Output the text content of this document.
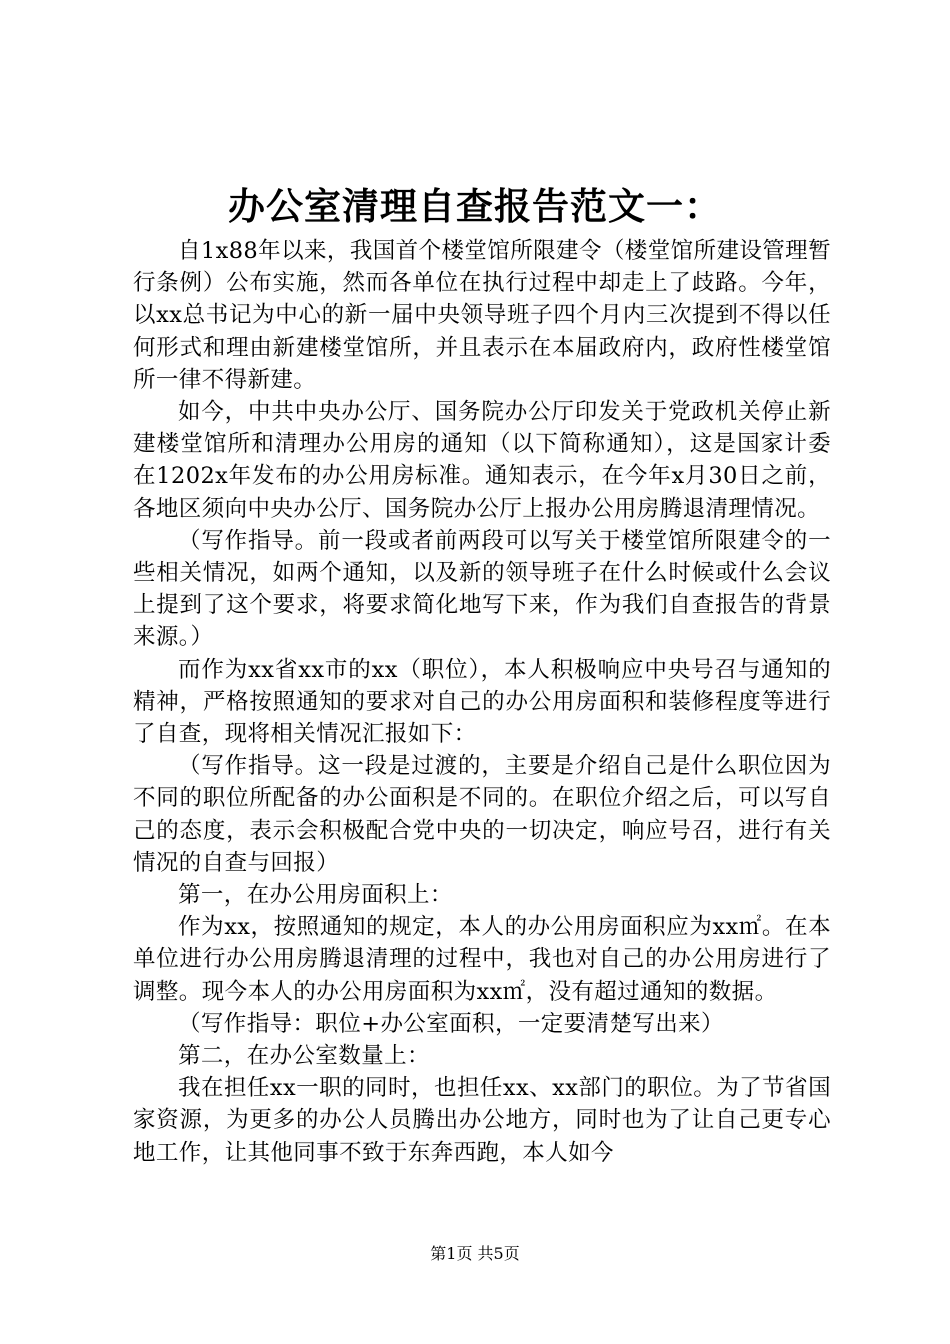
办公室清理自查报告范文一：

自1x88年以来，我国首个楼堂馆所限建令（楼堂馆所建设管理暂行条例）公布实施，然而各单位在执行过程中却走上了歧路。今年，以xx总书记为中心的新一届中央领导班子四个月内三次提到不得以任何形式和理由新建楼堂馆所，并且表示在本届政府内，政府性楼堂馆所一律不得新建。

如今，中共中央办公厅、国务院办公厅印发关于党政机关停止新建楼堂馆所和清理办公用房的通知（以下简称通知），这是国家计委在1202x年发布的办公用房标准。通知表示，在今年x月30日之前，各地区须向中央办公厅、国务院办公厅上报办公用房腾退清理情况。

（写作指导。前一段或者前两段可以写关于楼堂馆所限建令的一些相关情况，如两个通知，以及新的领导班子在什么时候或什么会议上提到了这个要求，将要求简化地写下来，作为我们自查报告的背景来源。）

而作为xx省xx市的xx（职位），本人积极响应中央号召与通知的精神，严格按照通知的要求对自己的办公用房面积和装修程度等进行了自查，现将相关情况汇报如下：

（写作指导。这一段是过渡的，主要是介绍自己是什么职位因为不同的职位所配备的办公面积是不同的。在职位介绍之后，可以写自己的态度，表示会积极配合党中央的一切决定，响应号召，进行有关情况的自查与回报）

第一，在办公用房面积上：

作为xx，按照通知的规定，本人的办公用房面积应为xx㎡。在本单位进行办公用房腾退清理的过程中，我也对自己的办公用房进行了调整。现今本人的办公用房面积为xx㎡，没有超过通知的数据。

（写作指导：职位+办公室面积，一定要清楚写出来）

第二，在办公室数量上：

我在担任xx一职的同时，也担任xx、xx部门的职位。为了节省国家资源，为更多的办公人员腾出办公地方，同时也为了让自己更专心地工作，让其他同事不致于东奔西跑，本人如今

第1页 共5页
